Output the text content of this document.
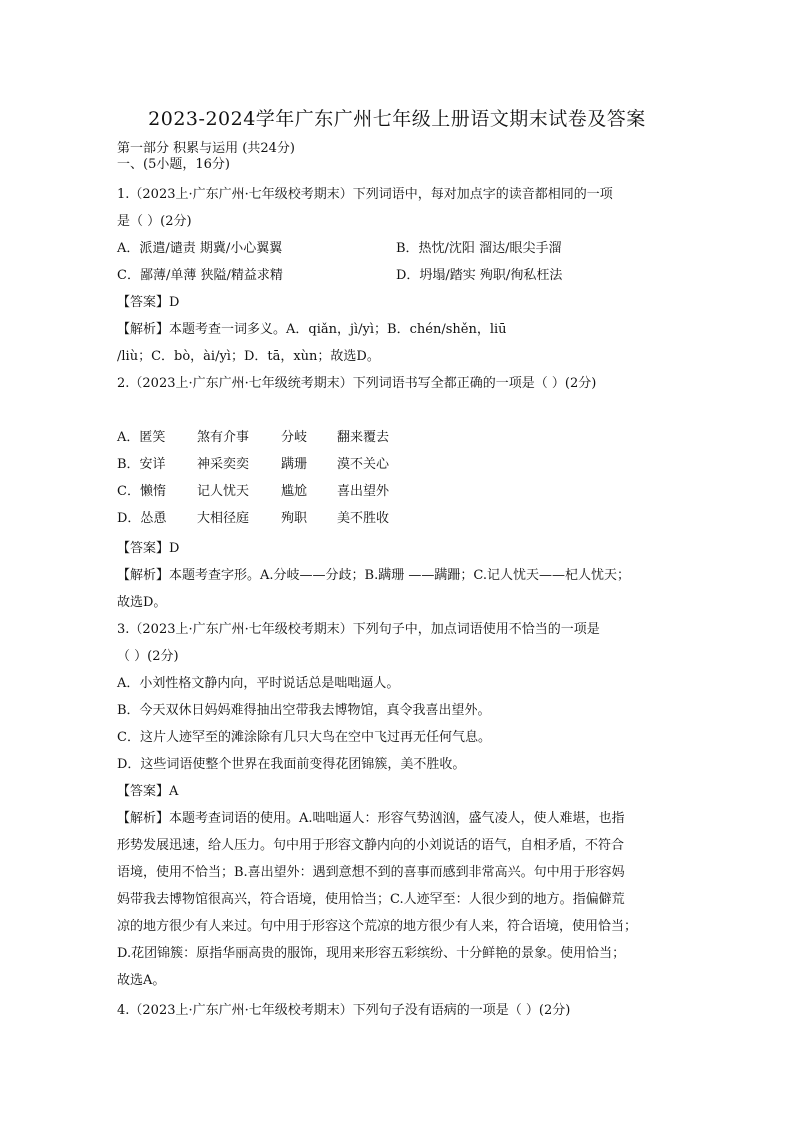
2023-2024学年广东广州七年级上册语文期末试卷及答案
第一部分 积累与运用 (共24分)
一、(5小题，16分)
1.（2023上·广东广州·七年级校考期末）下列词语中，每对加点字的读音都相同的一项
是（ ）(2分)
A．派遣/谴责 期冀/小心翼翼	B．热忱/沈阳 溜达/眼尖手溜
C．鄙薄/单薄 狭隘/精益求精	D．坍塌/踏实 殉职/徇私枉法
【答案】D
【解析】本题考查一词多义。A．qiǎn，jì/yì；B．chén/shěn，liū
/liù；C．bò，ài/yì；D．tā，xùn；故选D。
2.（2023上·广东广州·七年级统考期末）下列词语书写全都正确的一项是（ ）(2分)
A．匿笑 煞有介事 分岐 翻来覆去
B．安详 神采奕奕 蹒珊 漠不关心
C．懒惰 记人忧天 尴尬 喜出望外
D．怂恿 大相径庭 殉职 美不胜收
【答案】D
【解析】本题考查字形。A.分岐——分歧；B.蹒珊 ——蹒跚；C.记人忧天——杞人忧天；
故选D。
3.（2023上·广东广州·七年级校考期末）下列句子中，加点词语使用不恰当的一项是
（ ）(2分)
A．小刘性格文静内向，平时说话总是咄咄逼人。
B．今天双休日妈妈难得抽出空带我去博物馆，真令我喜出望外。
C．这片人迹罕至的滩涂除有几只大鸟在空中飞过再无任何气息。
D．这些词语使整个世界在我面前变得花团锦簇，美不胜收。
【答案】A
【解析】本题考查词语的使用。A.咄咄逼人：形容气势汹汹，盛气凌人，使人难堪，也指
形势发展迅速，给人压力。句中用于形容文静内向的小刘说话的语气，自相矛盾，不符合
语境，使用不恰当；B.喜出望外：遇到意想不到的喜事而感到非常高兴。句中用于形容妈
妈带我去博物馆很高兴，符合语境，使用恰当；C.人迹罕至：人很少到的地方。指偏僻荒
凉的地方很少有人来过。句中用于形容这个荒凉的地方很少有人来，符合语境，使用恰当；
D.花团锦簇：原指华丽高贵的服饰，现用来形容五彩缤纷、十分鲜艳的景象。使用恰当；
故选A。
4.（2023上·广东广州·七年级校考期末）下列句子没有语病的一项是（ ）(2分)
